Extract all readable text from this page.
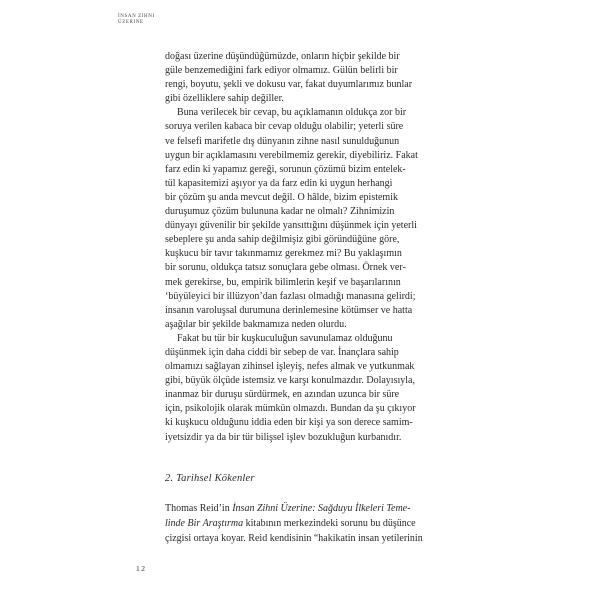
İNSAN ZIHNI
ÜZERINE

doğası üzerine düşündüğümüzde, onların hiçbir şekilde bir
güle benzemediğini fark ediyor olmamız. Gülün belirli bir
rengi, boyutu, şekli ve dokusu var, fakat duyumlarımız bunlar
gibi özelliklere sahip değiller.

Buna verilecek bir cevap, bu açıklamanın oldukça zor bir
soruya verilen kabaca bir cevap olduğu olabilir; yeterli süre
ve felsefi marifetle dış dünyanın zihne nasıl sunulduğunun
uygun bir açıklamasını verebilmemiz gerekir, diyebiliriz. Fakat
farz edin ki yapamız gereği, sorunun çözümü bizim entelek-
tül kapasitemizi aşıyor ya da farz edin ki uygun herhangi
bir çözüm şu anda mevcut değil. O hâlde, bizim epistemik
duruşumuz çözüm bulununa kadar ne olmalı? Zihnimizin
dünyayı güvenilir bir şekilde yansıttığını düşünmek için yeterli
sebeplere şu anda sahip değilmişiz gibi göründüğüne göre,
kuşkucu bir tavır takınmamız gerekmez mi? Bu yaklaşımın
bir sorunu, oldukça tatsız sonuçlara gebe olması. Örnek ver-
mek gerekirse, bu, empirik bilimlerin keşif ve başarılarının
‘büyüleyici bir illüzyon’dan fazlası olmadığı manasına gelirdi;
insanın varoluşsal durumuna derinlemesine kötümser ve hatta
aşağılar bir şekilde bakmamıza neden olurdu.

Fakat bu tür bir kuşkuculuğun savunulamaz olduğunu
düşünmek için daha ciddi bir sebep de var. İnançlara sahip
olmamızı sağlayan zihinsel işleyiş, nefes almak ve yutkunmak
gibi, büyük ölçüde istemsiz ve karşı konulmazdır. Dolayısıyla,
inanmaz bir duruşu sürdürmek, en azından uzunca bir süre
için, psikolojik olarak mümkün olmazdı. Bundan da şu çıkıyor
ki kuşkucu olduğunu iddia eden bir kişi ya son derece samim-
iyetsizdir ya da bir tür bilişsel işlev bozukluğun kurbanıdır.

2. Tarihsel Kökenler
Thomas Reid’in İnsan Zihni Üzerine: Sağduyu İlkeleri Teme-
linde Bir Araştırma kitabının merkezindeki sorunu bu düşünce
çizgisi ortaya koyar. Reid kendisinin “hakikatin insan yetilerinin
12
